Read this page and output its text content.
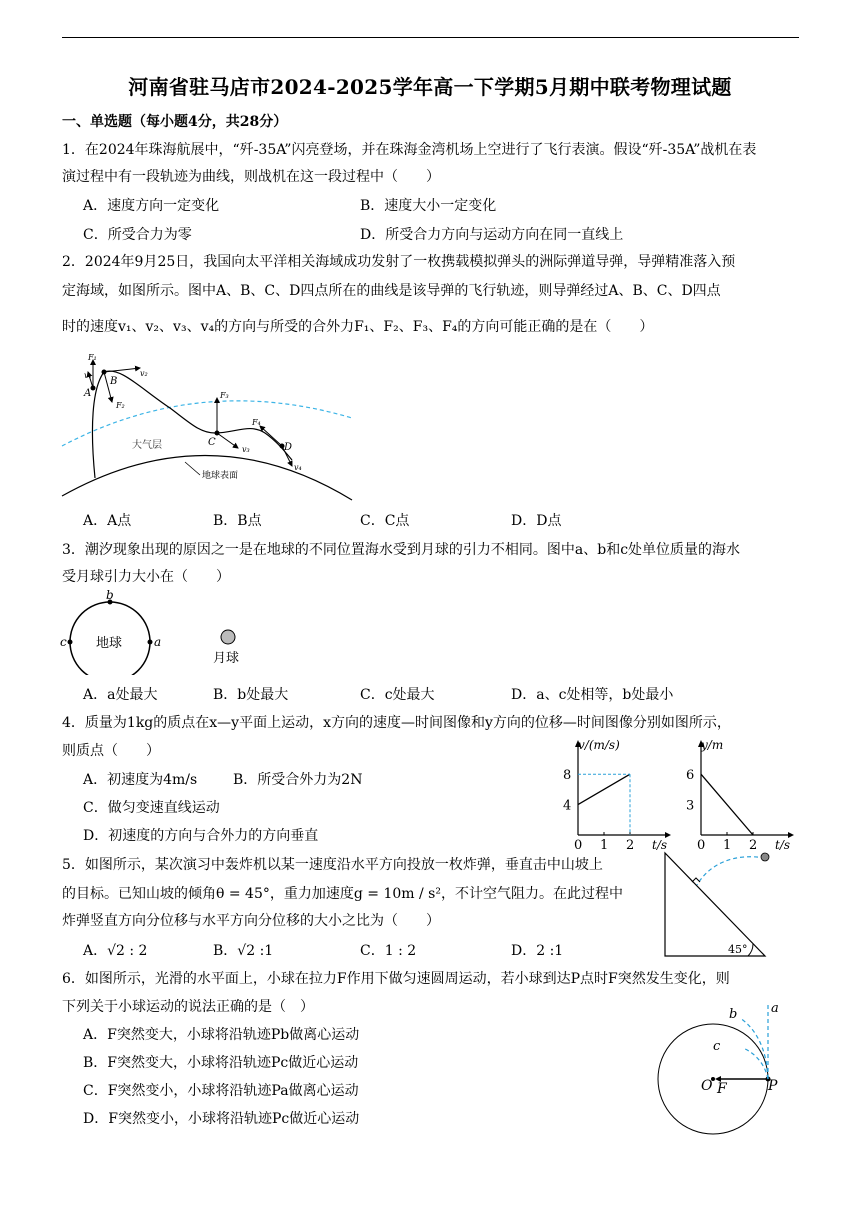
河南省驻马店市2024-2025学年高一下学期5月期中联考物理试题
一、单选题（每小题4分，共28分）
1．在2024年珠海航展中，“歼-35A”闪亮登场，并在珠海金湾机场上空进行了飞行表演。假设“歼-35A”战机在表
演过程中有一段轨迹为曲线，则战机在这一段过程中（　　）
A．速度方向一定变化	B．速度大小一定变化
C．所受合力为零	D．所受合力方向与运动方向在同一直线上
2．2024年9月25日，我国向太平洋相关海域成功发射了一枚携载模拟弹头的洲际弹道导弹，导弹精准落入预
定海域，如图所示。图中A、B、C、D四点所在的曲线是该导弹的飞行轨迹，则导弹经过A、B、C、D四点
时的速度v₁、v₂、v₃、v₄的方向与所受的合外力F₁、F₂、F₃、F₄的方向可能正确的是在（　　）
A
B
C	D
F₁
F₂
F₃
F₄
v₁	v₂
v₃
v₄
大气层
地球表面
A．A点	B．B点	C．C点	D．D点
3．潮汐现象出现的原因之一是在地球的不同位置海水受到月球的引力不相同。图中a、b和c处单位质量的海水
受月球引力大小在（　　）
地球
月球
b
c	a
A．a处最大	B．b处最大	C．c处最大	D．a、c处相等，b处最小
4．质量为1kg的质点在x—y平面上运动，x方向的速度—时间图像和y方向的位移—时间图像分别如图所示，
则质点（　　）
A．初速度为4m/s	B．所受合外力为2N
C．做匀变速直线运动
D．初速度的方向与合外力的方向垂直
v/(m/s)
t/s
0 1 2
4
8
y/m
t/s
0 1 2
3
6
5．如图所示，某次演习中轰炸机以某一速度沿水平方向投放一枚炸弹，垂直击中山坡上
的目标。已知山坡的倾角θ = 45°，重力加速度g = 10m / s²，不计空气阻力。在此过程中
炸弹竖直方向分位移与水平方向分位移的大小之比为（　　）
A．√2 : 2	B．√2 :1	C．1 : 2	D．2 :1	45°
6．如图所示，光滑的水平面上，小球在拉力F作用下做匀速圆周运动，若小球到达P点时F突然发生变化，则
下列关于小球运动的说法正确的是（　）
A．F突然变大，小球将沿轨迹Pb做离心运动
B．F突然变大，小球将沿轨迹Pc做近心运动
C．F突然变小，小球将沿轨迹Pa做离心运动
D．F突然变小，小球将沿轨迹Pc做近心运动
a
b
c
O F	P
